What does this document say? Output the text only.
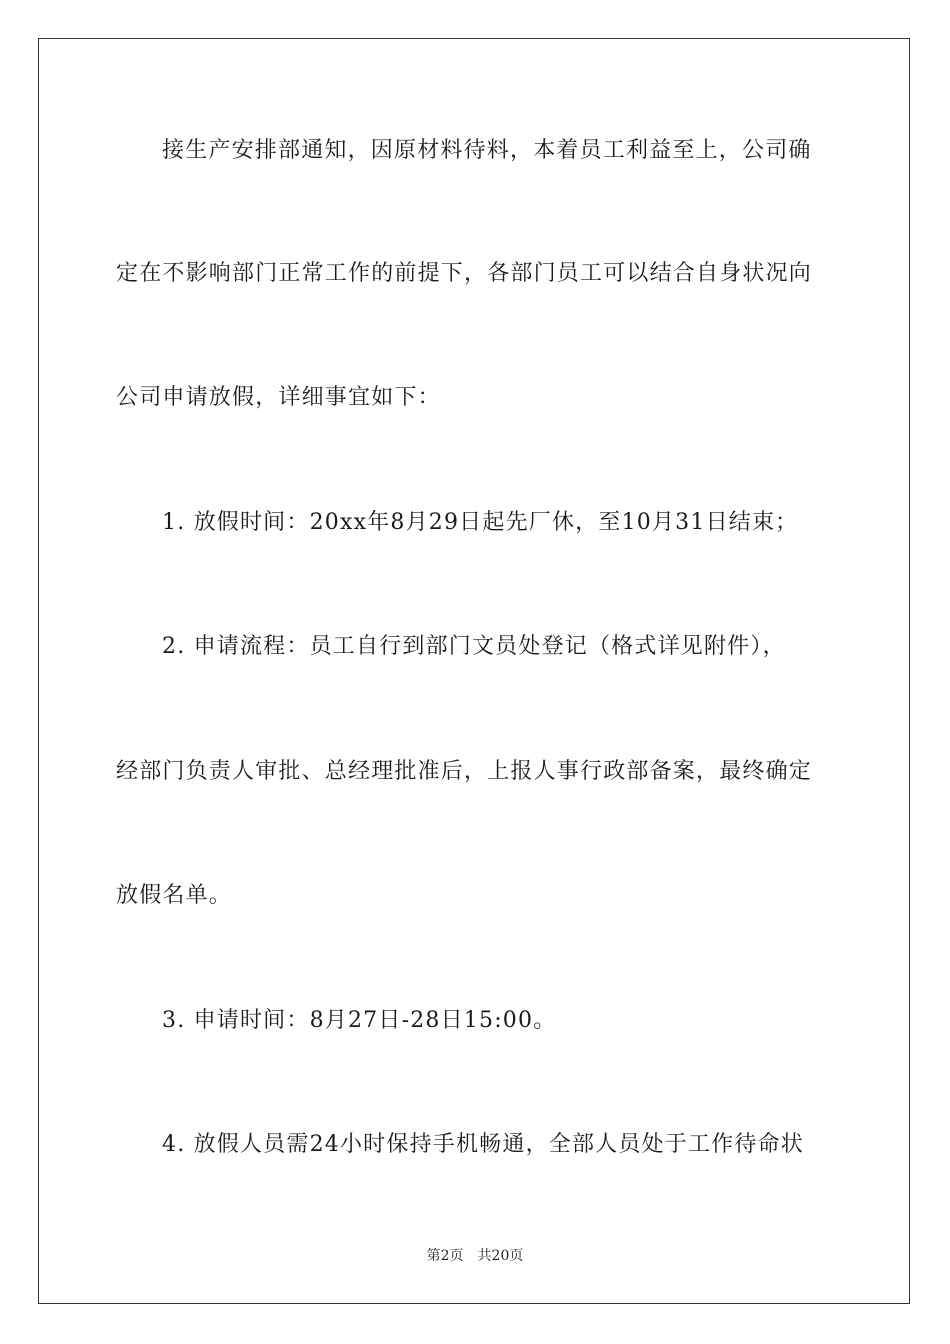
接生产安排部通知，因原材料待料，本着员工利益至上，公司确
定在不影响部门正常工作的前提下，各部门员工可以结合自身状况向
公司申请放假，详细事宜如下：
1. 放假时间：20xx年8月29日起先厂休，至10月31日结束；
2. 申请流程：员工自行到部门文员处登记（格式详见附件），
经部门负责人审批、总经理批准后，上报人事行政部备案，最终确定
放假名单。
3. 申请时间：8月27日-28日15:00。
4. 放假人员需24小时保持手机畅通，全部人员处于工作待命状
第2页 共20页
